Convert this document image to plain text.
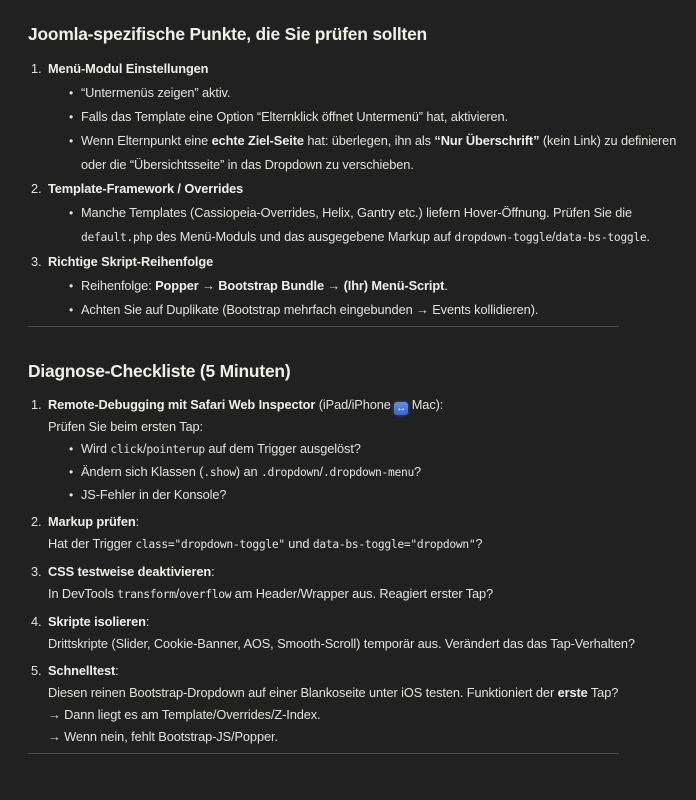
Joomla-spezifische Punkte, die Sie prüfen sollten
1. Menü-Modul Einstellungen
• “Untermenüs zeigen” aktiv.
• Falls das Template eine Option “Elternklick öffnet Untermenü” hat, aktivieren.
• Wenn Elternpunkt eine echte Ziel-Seite hat: überlegen, ihn als “Nur Überschrift” (kein Link) zu definieren oder die “Übersichtsseite” in das Dropdown zu verschieben.
2. Template-Framework / Overrides
• Manche Templates (Cassiopeia-Overrides, Helix, Gantry etc.) liefern Hover-Öffnung. Prüfen Sie die default.php des Menü-Moduls und das ausgegebene Markup auf dropdown-toggle/data-bs-toggle.
3. Richtige Skript-Reihenfolge
• Reihenfolge: Popper → Bootstrap Bundle → (Ihr) Menü-Script.
• Achten Sie auf Duplikate (Bootstrap mehrfach eingebunden → Events kollidieren).
Diagnose-Checkliste (5 Minuten)
1. Remote-Debugging mit Safari Web Inspector (iPad/iPhone ↔ Mac):
Prüfen Sie beim ersten Tap:
• Wird click/pointerup auf dem Trigger ausgelöst?
• Ändern sich Klassen (.show) an .dropdown/.dropdown-menu?
• JS-Fehler in der Konsole?
2. Markup prüfen:
Hat der Trigger class="dropdown-toggle" und data-bs-toggle="dropdown"?
3. CSS testweise deaktivieren:
In DevTools transform/overflow am Header/Wrapper aus. Reagiert erster Tap?
4. Skripte isolieren:
Drittskripte (Slider, Cookie-Banner, AOS, Smooth-Scroll) temporär aus. Verändert das das Tap-Verhalten?
5. Schnelltest:
Diesen reinen Bootstrap-Dropdown auf einer Blankoseite unter iOS testen. Funktioniert der erste Tap?
→ Dann liegt es am Template/Overrides/Z-Index.
→ Wenn nein, fehlt Bootstrap-JS/Popper.
